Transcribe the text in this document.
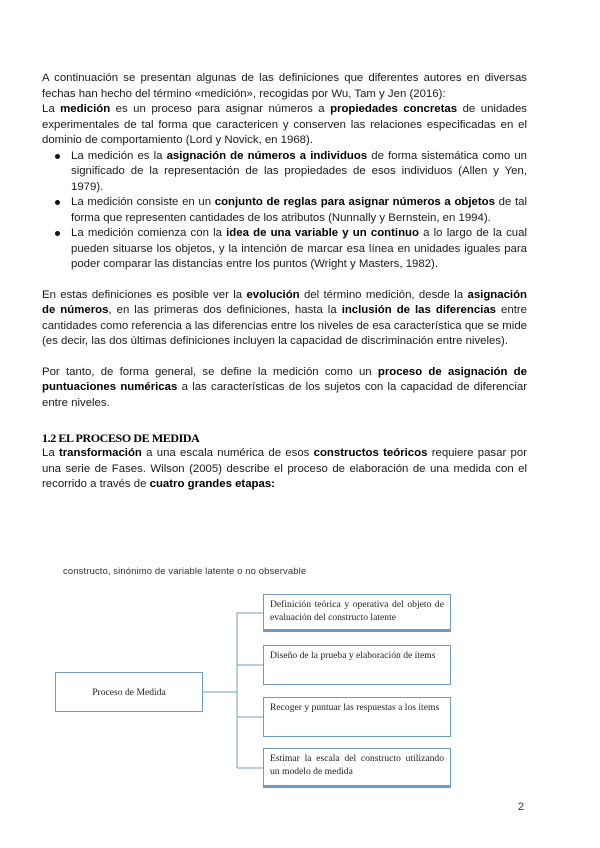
A continuación se presentan algunas de las definiciones que diferentes autores en diversas fechas han hecho del término «medición», recogidas por Wu, Tam y Jen (2016):

La medición es un proceso para asignar números a propiedades concretas de unidades experimentales de tal forma que caractericen y conserven las relaciones especificadas en el dominio de comportamiento (Lord y Novick, en 1968).

La medición es la asignación de números a individuos de forma sistemática como un significado de la representación de las propiedades de esos individuos (Allen y Yen, 1979).
La medición consiste en un conjunto de reglas para asignar números a objetos de tal forma que representen cantidades de los atributos (Nunnally y Bernstein, en 1994).
La medición comienza con la idea de una variable y un continuo a lo largo de la cual pueden situarse los objetos, y la intención de marcar esa línea en unidades iguales para poder comparar las distancias entre los puntos (Wright y Masters, 1982).

En estas definiciones es posible ver la evolución del término medición, desde la asignación de números, en las primeras dos definiciones, hasta la inclusión de las diferencias entre cantidades como referencia a las diferencias entre los niveles de esa característica que se mide (es decir, las dos últimas definiciones incluyen la capacidad de discriminación entre niveles).

Por tanto, de forma general, se define la medición como un proceso de asignación de puntuaciones numéricas a las características de los sujetos con la capacidad de diferenciar entre niveles.

1.2 EL PROCESO DE MEDIDA

La transformación a una escala numérica de esos constructos teóricos requiere pasar por una serie de Fases. Wilson (2005) describe el proceso de elaboración de una medida con el recorrido a través de cuatro grandes etapas:

constructo, sinónimo de variable latente o no observable
Proceso de Medida
Definición teórica y operativa del objeto de evaluación del constructo latente
Diseño de la prueba y elaboración de ítems
Recoger y puntuar las respuestas a los ítems
Estimar la escala del constructo utilizando un modelo de medida
2
